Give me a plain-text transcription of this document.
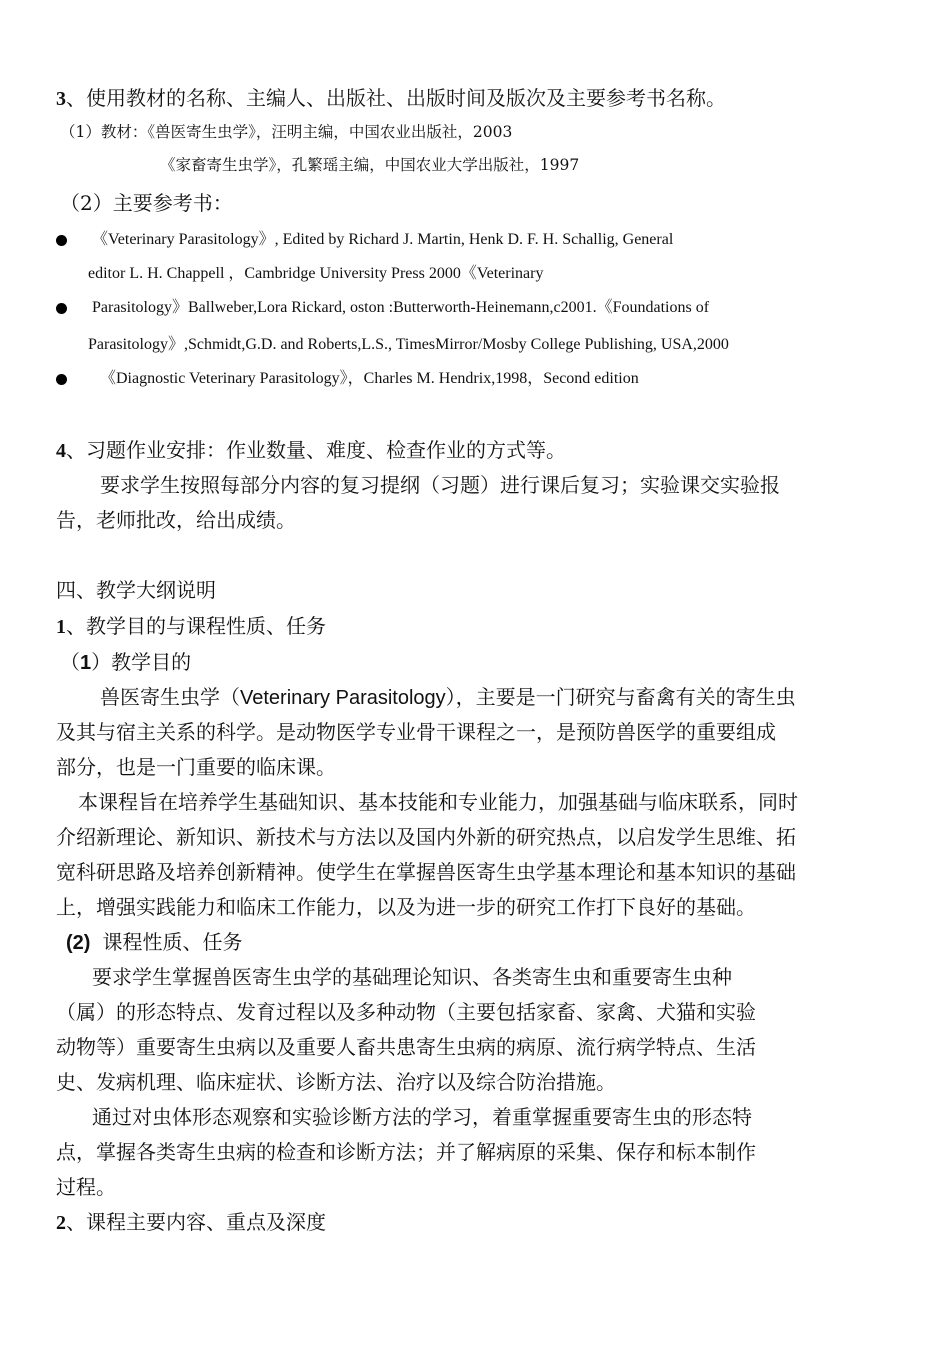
3、使用教材的名称、主编人、出版社、出版时间及版次及主要参考书名称。
（1）教材：《兽医寄生虫学》，汪明主编，中国农业出版社，2003
《家畜寄生虫学》，孔繁瑶主编，中国农业大学出版社，1997
（2）主要参考书：
《Veterinary Parasitology》, Edited by Richard J. Martin, Henk D. F. H. Schallig, General
editor L. H. Chappell ，Cambridge University Press 2000《Veterinary
Parasitology》Ballweber,Lora Rickard, oston :Butterworth-Heinemann,c2001.《Foundations of
Parasitology》,Schmidt,G.D. and Roberts,L.S., TimesMirror/Mosby College Publishing, USA,2000
《Diagnostic Veterinary Parasitology》，Charles M. Hendrix,1998，Second edition
4、习题作业安排：作业数量、难度、检查作业的方式等。
要求学生按照每部分内容的复习提纲（习题）进行课后复习；实验课交实验报
告，老师批改，给出成绩。
四、教学大纲说明
1、教学目的与课程性质、任务
（1）教学目的
兽医寄生虫学（Veterinary Parasitology），主要是一门研究与畜禽有关的寄生虫
及其与宿主关系的科学。是动物医学专业骨干课程之一，是预防兽医学的重要组成
部分，也是一门重要的临床课。
本课程旨在培养学生基础知识、基本技能和专业能力，加强基础与临床联系，同时
介绍新理论、新知识、新技术与方法以及国内外新的研究热点，以启发学生思维、拓
宽科研思路及培养创新精神。使学生在掌握兽医寄生虫学基本理论和基本知识的基础
上，增强实践能力和临床工作能力，以及为进一步的研究工作打下良好的基础。
(2) 课程性质、任务
要求学生掌握兽医寄生虫学的基础理论知识、各类寄生虫和重要寄生虫种
（属）的形态特点、发育过程以及多种动物（主要包括家畜、家禽、犬猫和实验
动物等）重要寄生虫病以及重要人畜共患寄生虫病的病原、流行病学特点、生活
史、发病机理、临床症状、诊断方法、治疗以及综合防治措施。
通过对虫体形态观察和实验诊断方法的学习，着重掌握重要寄生虫的形态特
点，掌握各类寄生虫病的检查和诊断方法；并了解病原的采集、保存和标本制作
过程。
2、课程主要内容、重点及深度
